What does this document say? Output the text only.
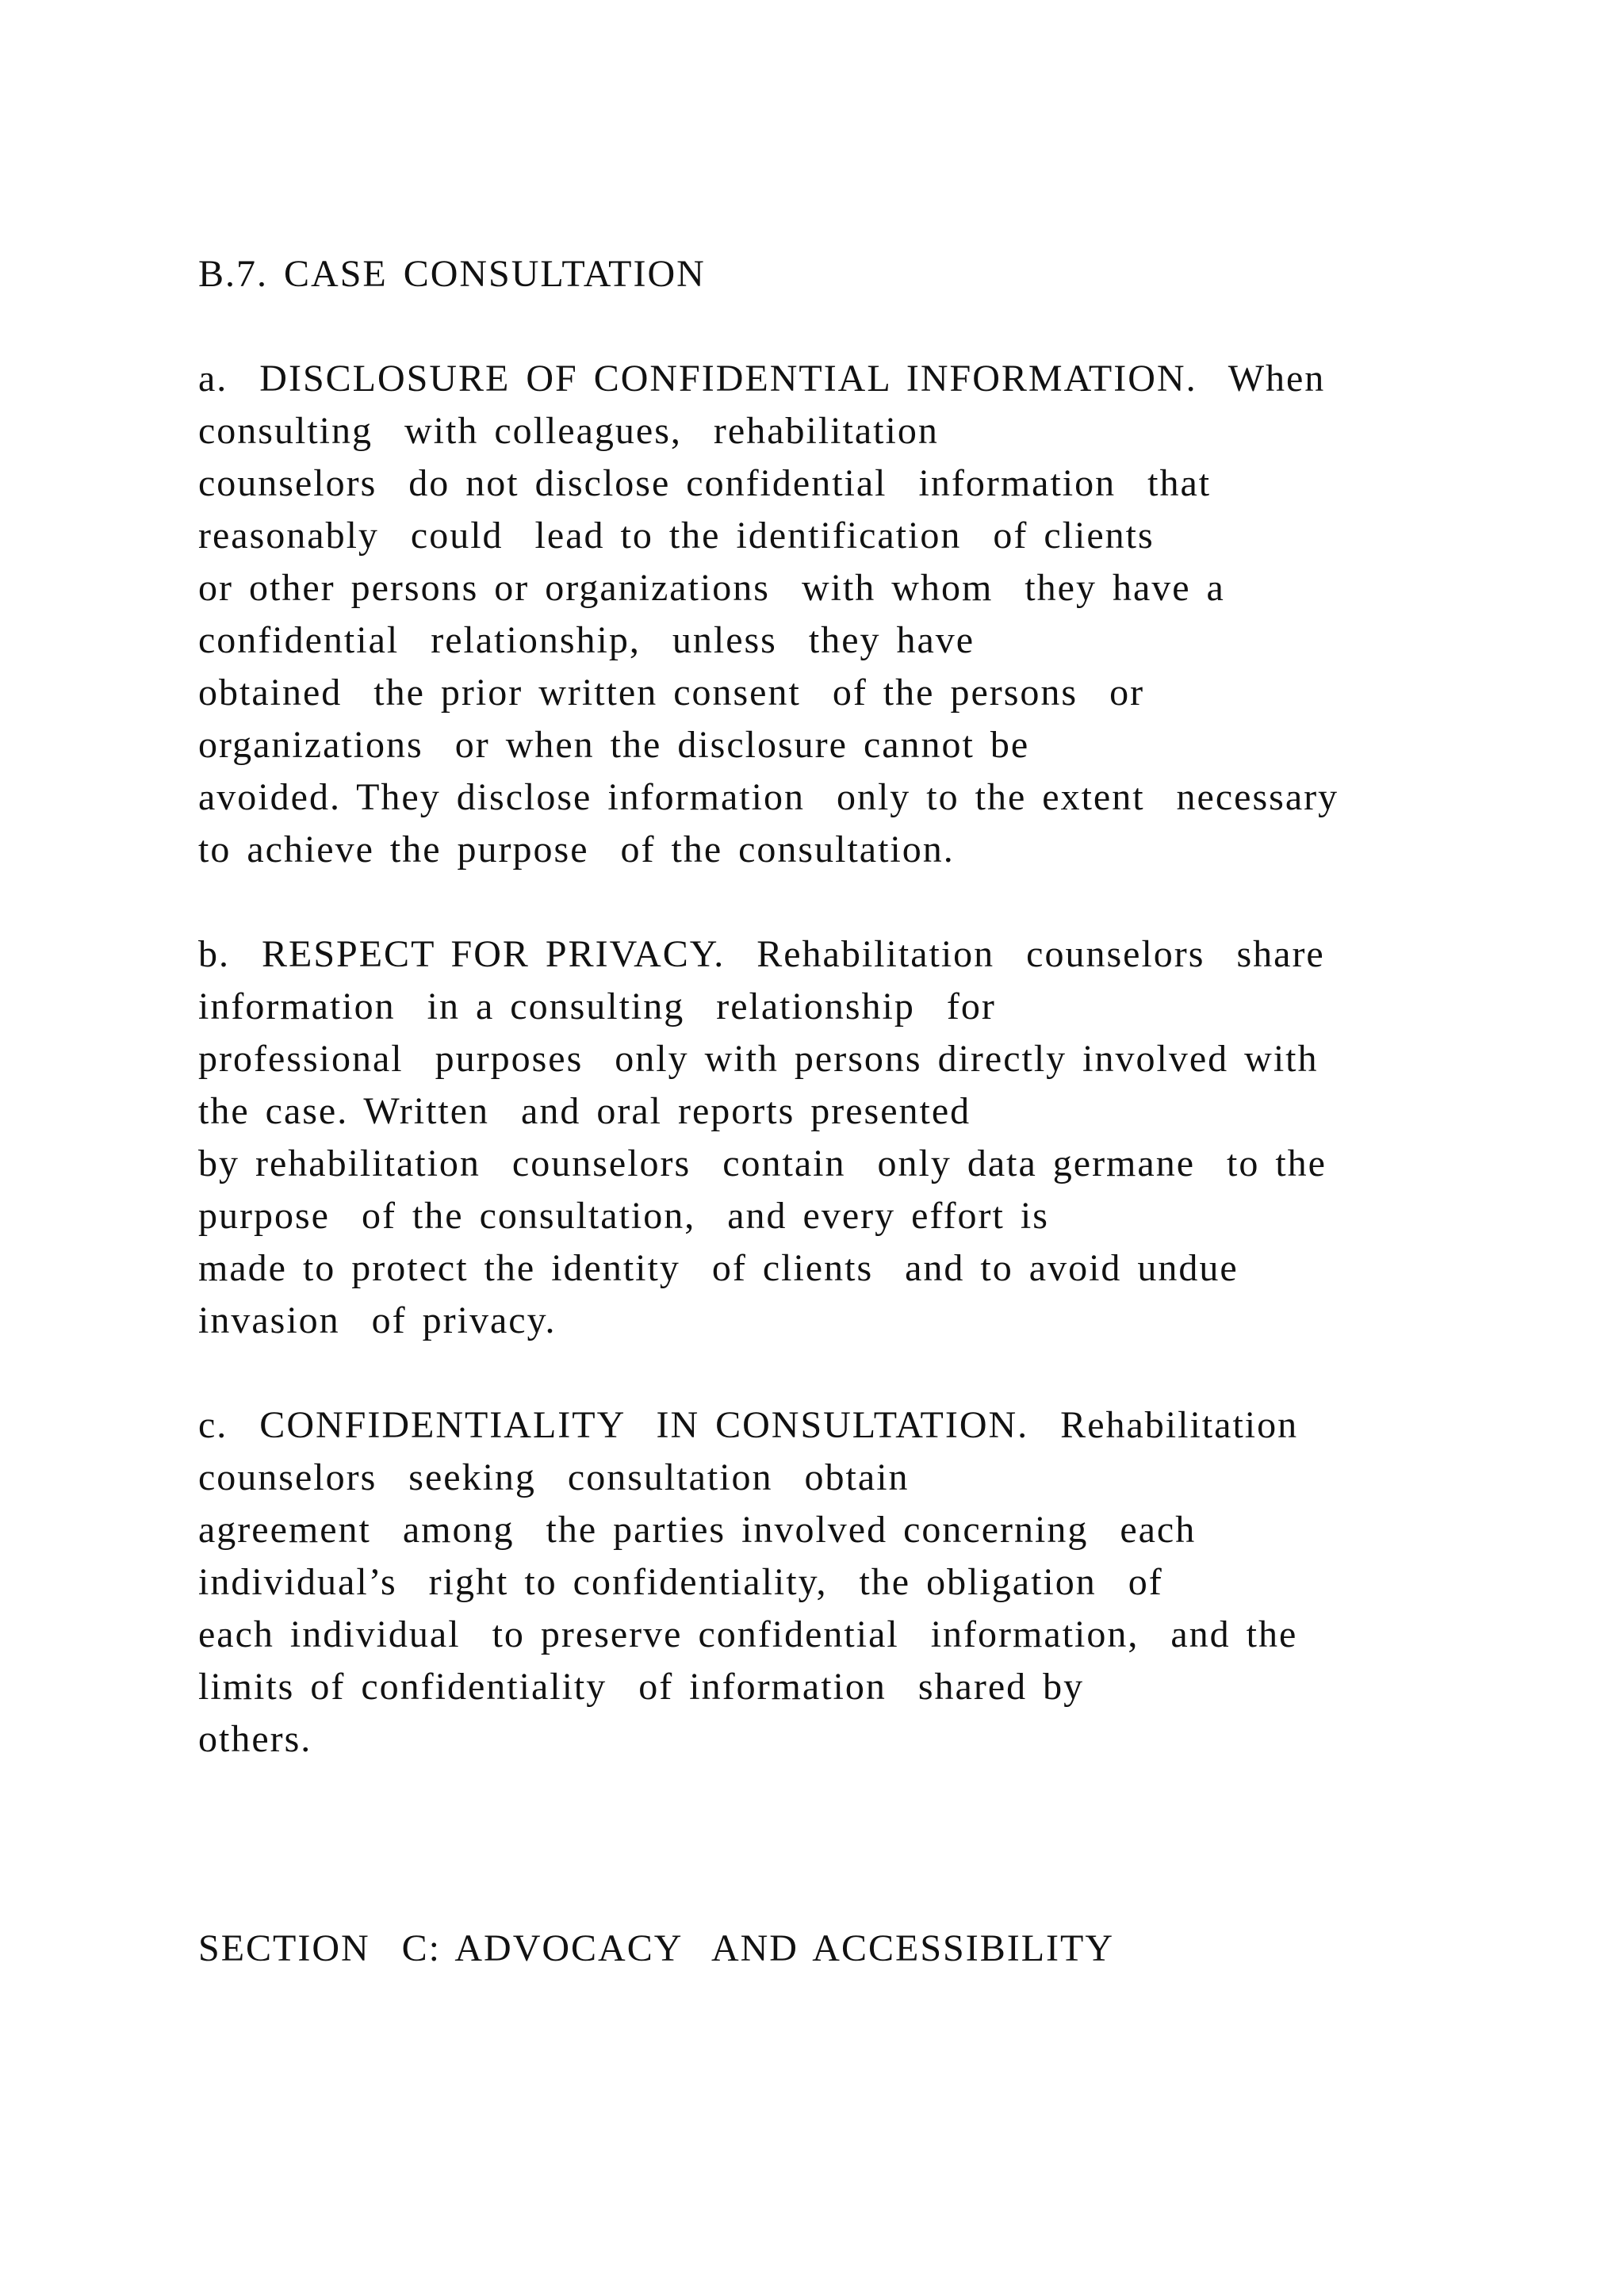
B.7. CASE CONSULTATION
a.  DISCLOSURE OF CONFIDENTIAL INFORMATION.  When
consulting  with colleagues,  rehabilitation
counselors  do not disclose confidential  information  that
reasonably  could  lead to the identification  of clients
or other persons or organizations  with whom  they have a
confidential  relationship,  unless  they have
obtained  the prior written consent  of the persons  or
organizations  or when the disclosure cannot be
avoided. They disclose information  only to the extent  necessary
to achieve the purpose  of the consultation.
b.  RESPECT FOR PRIVACY.  Rehabilitation  counselors  share
information  in a consulting  relationship  for
professional  purposes  only with persons directly involved with
the case. Written  and oral reports presented
by rehabilitation  counselors  contain  only data germane  to the
purpose  of the consultation,  and every effort is
made to protect the identity  of clients  and to avoid undue
invasion  of privacy.
c.  CONFIDENTIALITY  IN CONSULTATION.  Rehabilitation
counselors  seeking  consultation  obtain
agreement  among  the parties involved concerning  each
individual’s  right to confidentiality,  the obligation  of
each individual  to preserve confidential  information,  and the
limits of confidentiality  of information  shared by
others.
SECTION  C: ADVOCACY  AND ACCESSIBILITY
